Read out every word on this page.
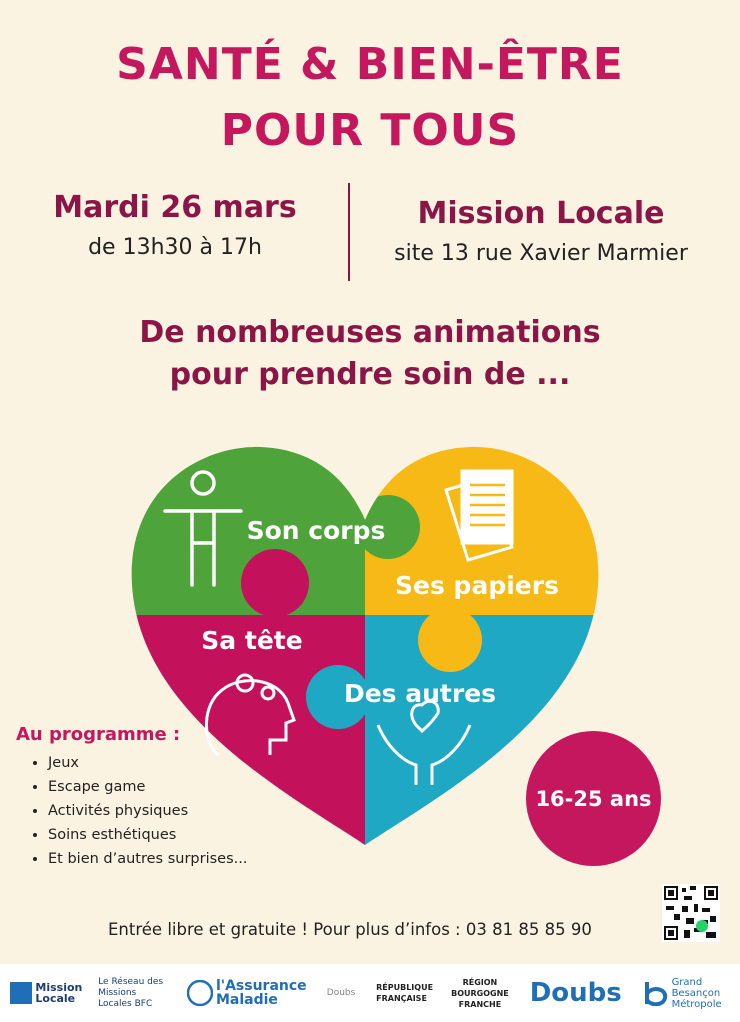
SANTÉ & BIEN-ÊTRE
POUR TOUS
Mardi 26 mars
de 13h30 à 17h
Mission Locale
site 13 rue Xavier Marmier
De nombreuses animations
pour prendre soin de ...
Son corps
Ses papiers
Sa tête
Des autres
Au programme :
• Jeux
• Escape game
• Activités physiques
• Soins esthétiques
• Et bien d’autres surprises...
16-25 ans
Entrée libre et gratuite ! Pour plus d’infos : 03 81 85 85 90
Mission Locale
Le Réseau des Missions Locales BFC
l'Assurance Maladie	Doubs	RÉPUBLIQUE FRANÇAISE
RÉGION BOURGOGNE FRANCHE Doubs	Grand Besançon Métropole
